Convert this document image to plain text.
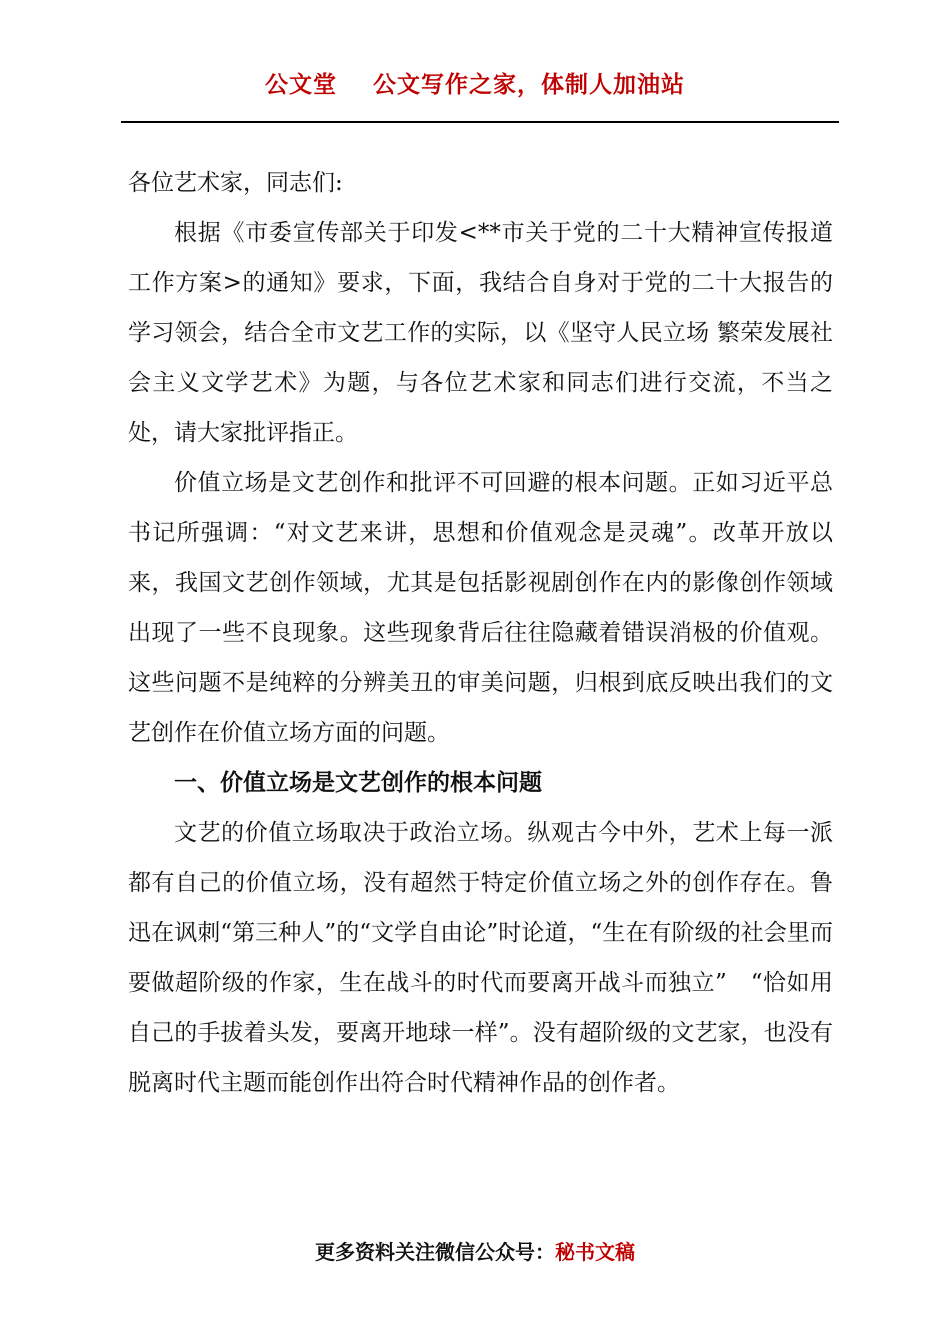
公文堂    公文写作之家，体制人加油站

各位艺术家，同志们:

根据《市委宣传部关于印发<**市关于党的二十大精神宣传报道工作方案>的通知》要求，下面，我结合自身对于党的二十大报告的学习领会，结合全市文艺工作的实际，以《坚守人民立场 繁荣发展社会主义文学艺术》为题，与各位艺术家和同志们进行交流，不当之处，请大家批评指正。

价值立场是文艺创作和批评不可回避的根本问题。正如习近平总书记所强调：“对文艺来讲，思想和价值观念是灵魂”。改革开放以来，我国文艺创作领域，尤其是包括影视剧创作在内的影像创作领域出现了一些不良现象。这些现象背后往往隐藏着错误消极的价值观。这些问题不是纯粹的分辨美丑的审美问题，归根到底反映出我们的文艺创作在价值立场方面的问题。

一、价值立场是文艺创作的根本问题

文艺的价值立场取决于政治立场。纵观古今中外，艺术上每一派都有自己的价值立场，没有超然于特定价值立场之外的创作存在。鲁迅在讽刺“第三种人”的“文学自由论”时论道，“生在有阶级的社会里而要做超阶级的作家，生在战斗的时代而要离开战斗而独立”　“恰如用自己的手拔着头发，要离开地球一样”。没有超阶级的文艺家，也没有脱离时代主题而能创作出符合时代精神作品的创作者。

更多资料关注微信公众号：秘书文稿
